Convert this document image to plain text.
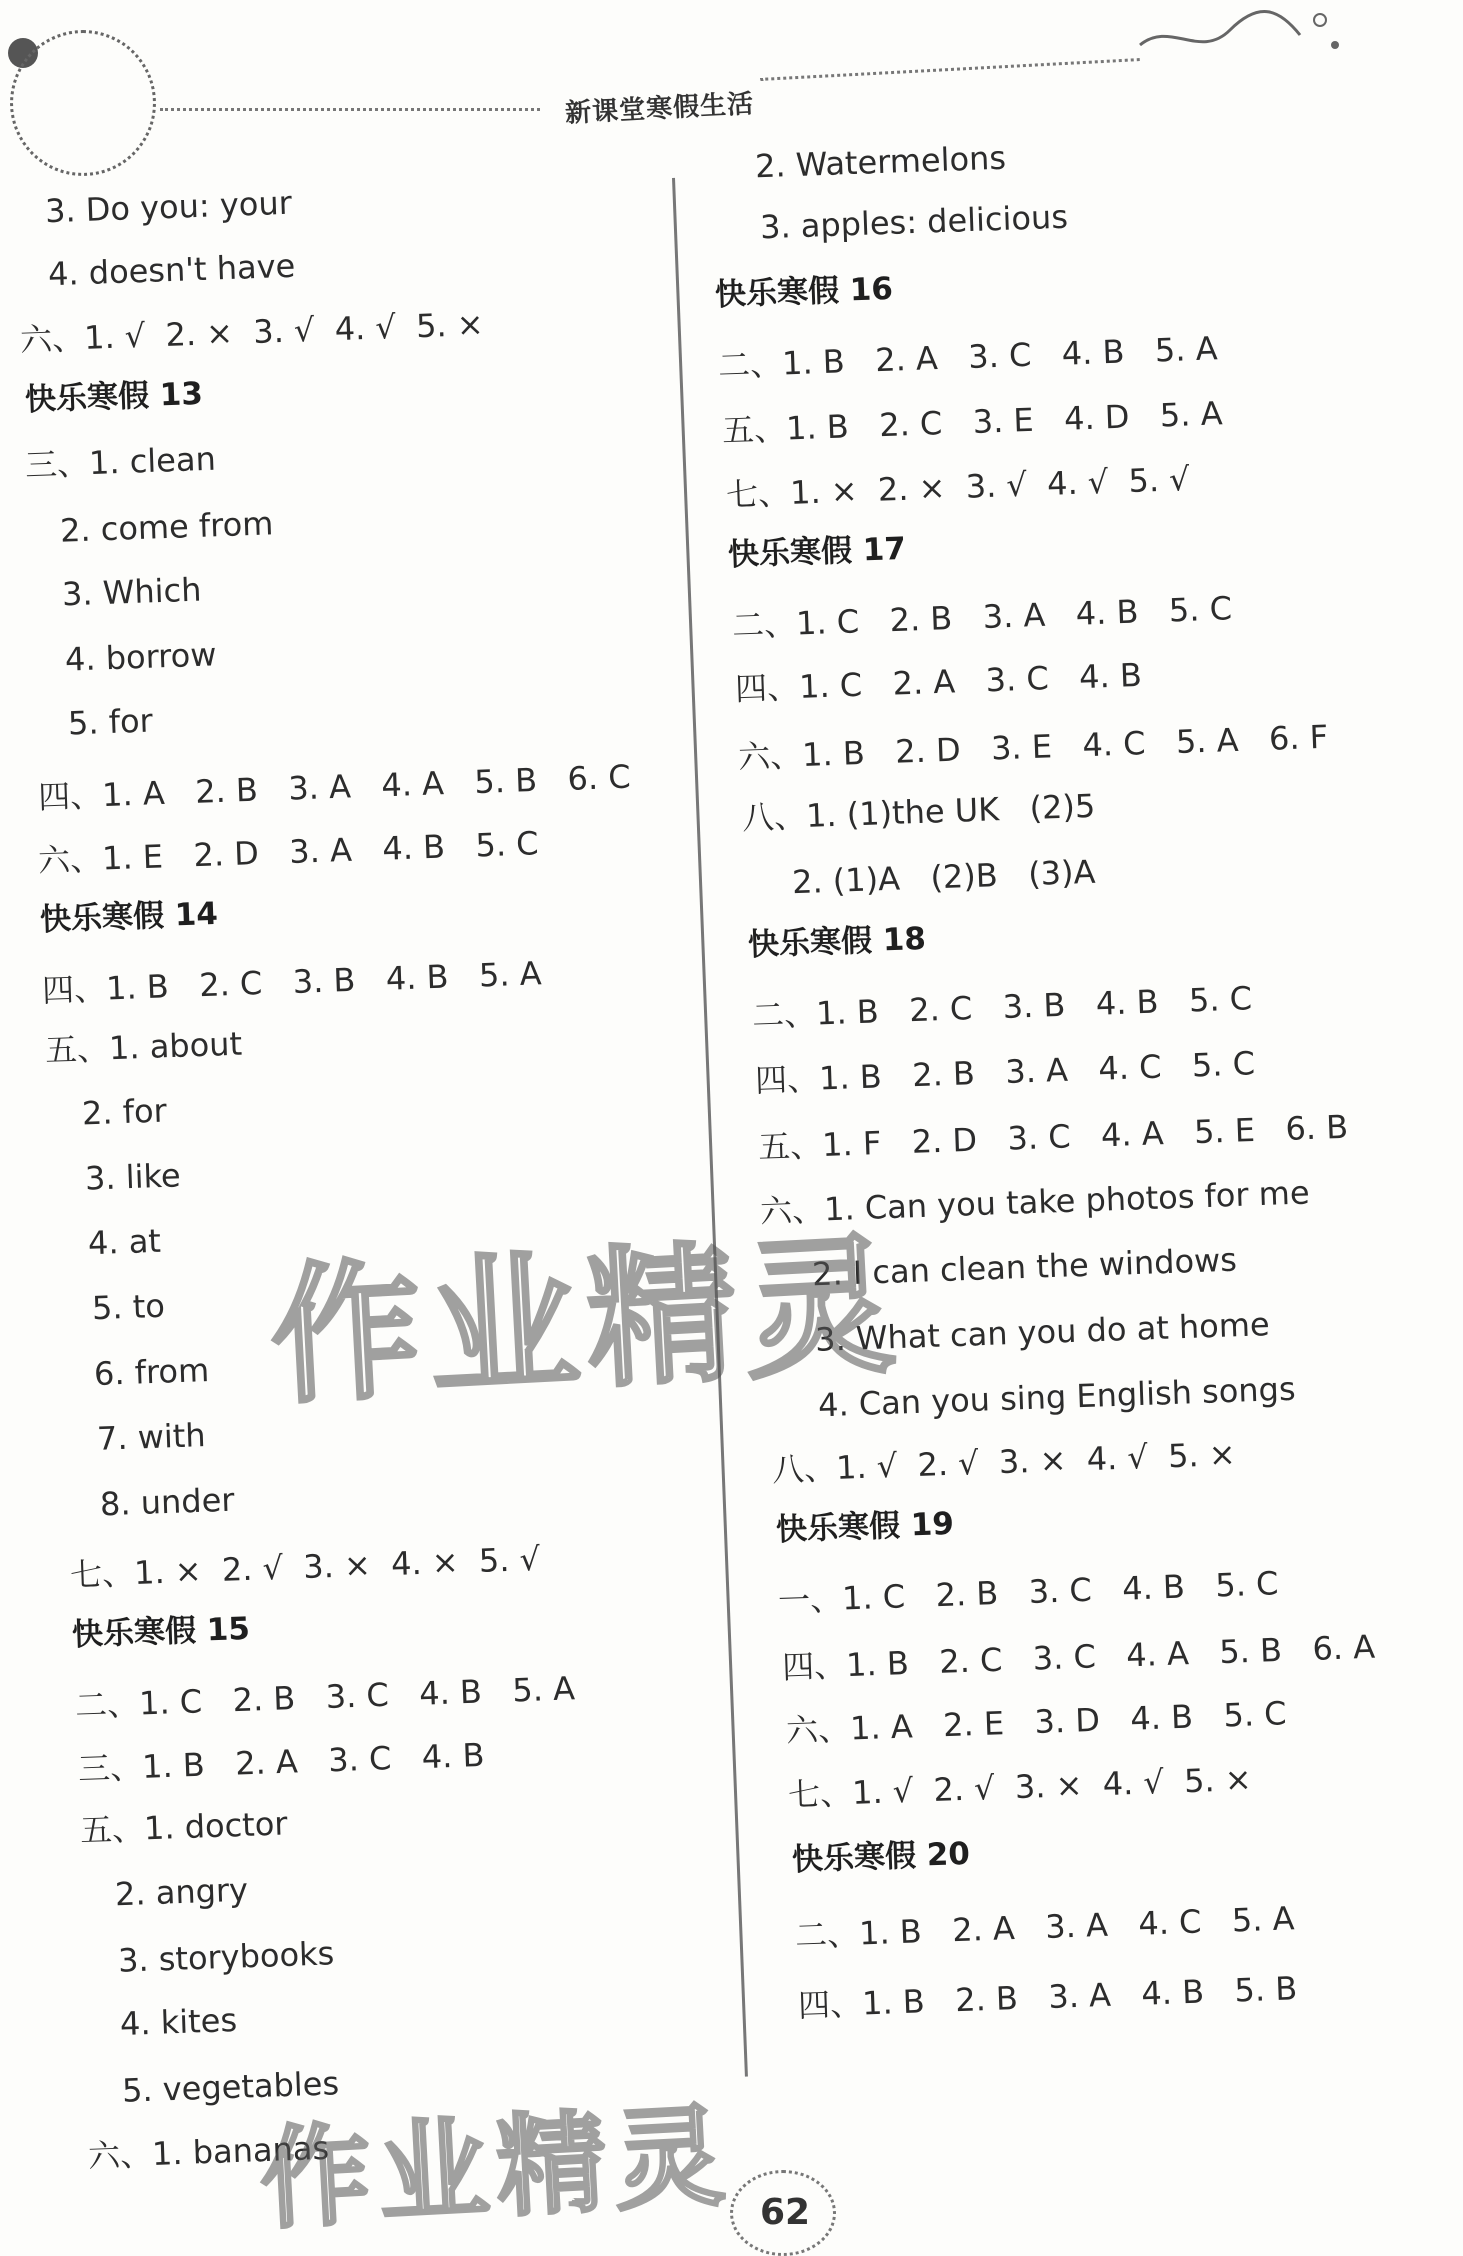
新课堂寒假生活
3. Do you: your
4. doesn't have
六、1. √  2. ×  3. √  4. √  5. ×
快乐寒假 13
三、1. clean
2. come from
3. Which
4. borrow
5. for
四、1. A   2. B   3. A   4. A   5. B   6. C
六、1. E   2. D   3. A   4. B   5. C
快乐寒假 14
四、1. B   2. C   3. B   4. B   5. A
五、1. about
2. for
3. like
4. at
5. to
6. from
7. with
8. under
七、1. ×  2. √  3. ×  4. ×  5. √
快乐寒假 15
二、1. C   2. B   3. C   4. B   5. A
三、1. B   2. A   3. C   4. B
五、1. doctor
2. angry
3. storybooks
4. kites
5. vegetables
六、1. bananas
2. Watermelons
3. apples: delicious
快乐寒假 16
二、1. B   2. A   3. C   4. B   5. A
五、1. B   2. C   3. E   4. D   5. A
七、1. ×  2. ×  3. √  4. √  5. √
快乐寒假 17
二、1. C   2. B   3. A   4. B   5. C
四、1. C   2. A   3. C   4. B
六、1. B   2. D   3. E   4. C   5. A   6. F
八、1. (1)the UK   (2)5
2. (1)A   (2)B   (3)A
快乐寒假 18
二、1. B   2. C   3. B   4. B   5. C
四、1. B   2. B   3. A   4. C   5. C
五、1. F   2. D   3. C   4. A   5. E   6. B
六、1. Can you take photos for me
2. I can clean the windows
3. What can you do at home
4. Can you sing English songs
八、1. √  2. √  3. ×  4. √  5. ×
快乐寒假 19
一、1. C   2. B   3. C   4. B   5. C
四、1. B   2. C   3. C   4. A   5. B   6. A
六、1. A   2. E   3. D   4. B   5. C
七、1. √  2. √  3. ×  4. √  5. ×
快乐寒假 20
二、1. B   2. A   3. A   4. C   5. A
四、1. B   2. B   3. A   4. B   5. B
作业精灵
作业精灵 62
